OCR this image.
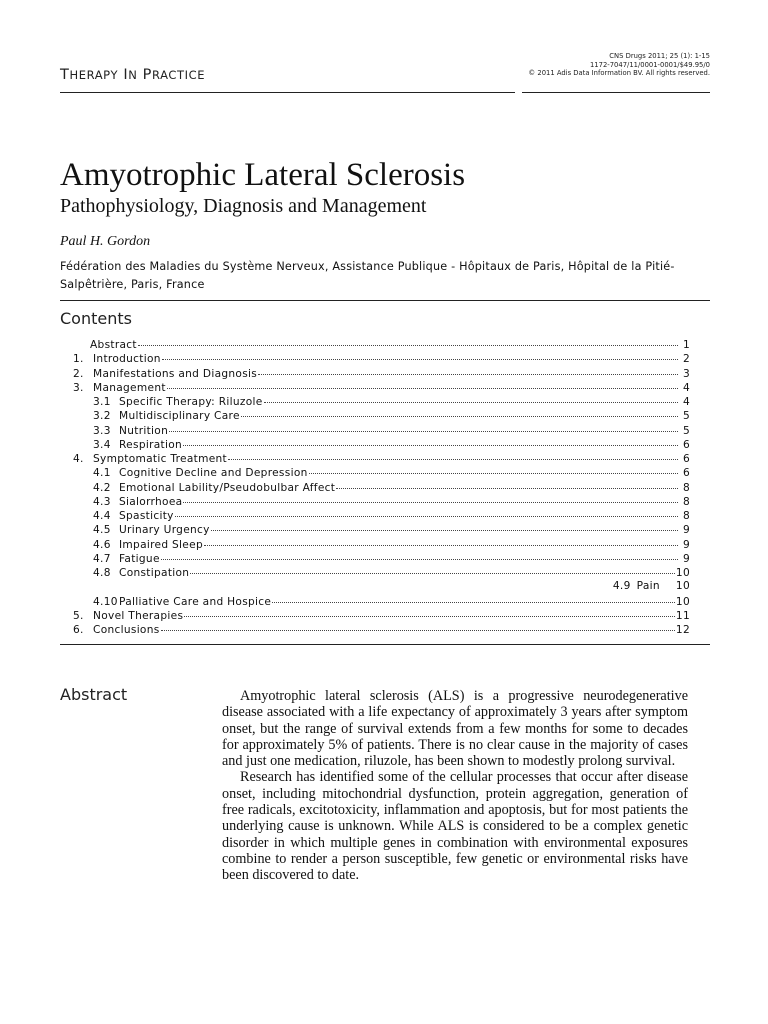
THERAPY IN PRACTICE
CNS Drugs 2011; 25 (1): 1-15
1172-7047/11/0001-0001/$49.95/0
© 2011 Adis Data Information BV. All rights reserved.
Amyotrophic Lateral Sclerosis
Pathophysiology, Diagnosis and Management
Paul H. Gordon
Fédération des Maladies du Système Nerveux, Assistance Publique - Hôpitaux de Paris, Hôpital de la Pitié-Salpêtrière, Paris, France
Contents
Abstract	1
1. Introduction	2
2. Manifestations and Diagnosis	3
3. Management	4
3.1 Specific Therapy: Riluzole	4
3.2 Multidisciplinary Care	5
3.3 Nutrition	5
3.4 Respiration	6
4. Symptomatic Treatment	6
4.1 Cognitive Decline and Depression	6
4.2 Emotional Lability/Pseudobulbar Affect	8
4.3 Sialorrhoea	8
4.4 Spasticity	8
4.5 Urinary Urgency	9
4.6 Impaired Sleep	9
4.7 Fatigue	9
4.8 Constipation	10
4.9 Pain 10
4.10 Palliative Care and Hospice	10
5. Novel Therapies	11
6. Conclusions	12
Abstract	Amyotrophic lateral sclerosis (ALS) is a progressive neurodegenerative disease associated with a life expectancy of approximately 3 years after symptom onset, but the range of survival extends from a few months for some to decades for approximately 5% of patients. There is no clear cause in the majority of cases and just one medication, riluzole, has been shown to modestly prolong survival.

Research has identified some of the cellular processes that occur after disease onset, including mitochondrial dysfunction, protein aggregation, generation of free radicals, excitotoxicity, inflammation and apoptosis, but for most patients the underlying cause is unknown. While ALS is considered to be a complex genetic disorder in which multiple genes in combination with environmental exposures combine to render a person susceptible, few genetic or environmental risks have been discovered to date.
